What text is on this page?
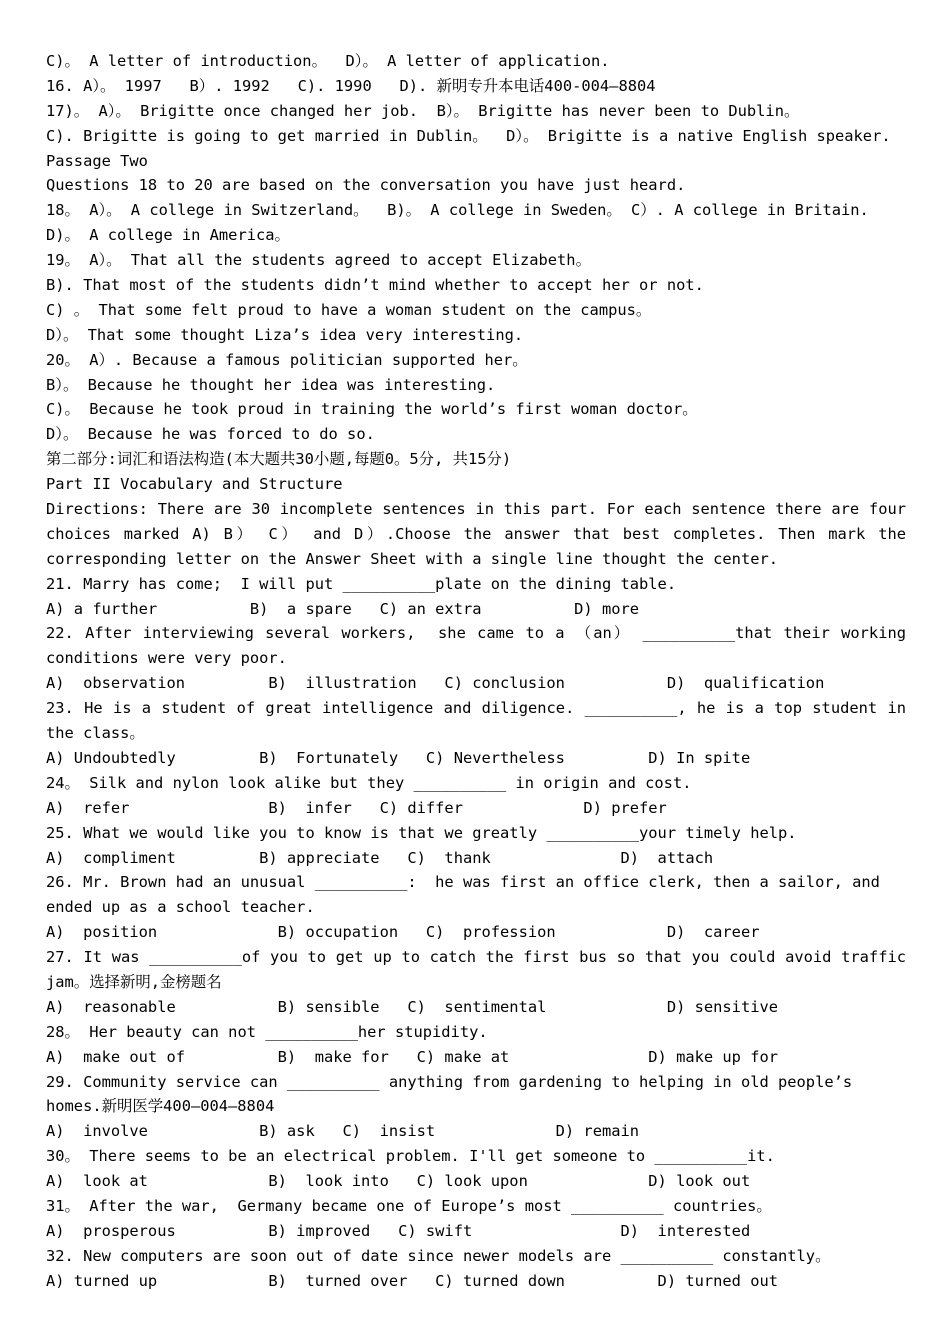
C)。 A letter of introduction。  D）。 A letter of application.
16. A）。 1997   B）. 1992   C). 1990   D). 新明专升本电话400-004—8804
17)。 A）。 Brigitte once changed her job.  B）。 Brigitte has never been to Dublin。
C). Brigitte is going to get married in Dublin。  D）。 Brigitte is a native English speaker.
Passage Two
Questions 18 to 20 are based on the conversation you have just heard.
18。 A）。 A college in Switzerland。  B)。 A college in Sweden。 C）. A college in Britain.
D)。 A college in America。
19。 A）。 That all the students agreed to accept Elizabeth。
B). That most of the students didn’t mind whether to accept her or not.
C) 。 That some felt proud to have a woman student on the campus。
D）。 That some thought Liza’s idea very interesting.
20。 A）. Because a famous politician supported her。
B）。 Because he thought her idea was interesting.
C)。 Because he took proud in training the world’s first woman doctor。
D）。 Because he was forced to do so.
第二部分:词汇和语法构造(本大题共30小题,每题0。5分, 共15分)
Part II Vocabulary and Structure
Directions: There are 30 incomplete sentences in this part. For each sentence there are four
choices marked A) B） C） and D）.Choose the answer that best completes. Then mark the
corresponding letter on the Answer Sheet with a single line thought the center.
21. Marry has come;  I will put __________plate on the dining table.
A) a further          B)  a spare   C) an extra          D) more
22. After interviewing several workers,  she came to a （an） __________that their working
conditions were very poor.
A)  observation         B)  illustration   C) conclusion           D)  qualification
23. He is a student of great intelligence and diligence. __________, he is a top student in
the class。
A) Undoubtedly         B)  Fortunately   C) Nevertheless         D) In spite
24。 Silk and nylon look alike but they __________ in origin and cost.
A)  refer               B)  infer   C) differ             D) prefer
25. What we would like you to know is that we greatly __________your timely help.
A)  compliment         B) appreciate   C)  thank              D)  attach
26. Mr. Brown had an unusual __________:  he was first an office clerk, then a sailor, and
ended up as a school teacher.
A)  position             B) occupation   C)  profession            D)  career
27. It was __________of you to get up to catch the first bus so that you could avoid traffic
jam。选择新明,金榜题名
A)  reasonable           B) sensible   C)  sentimental             D) sensitive
28。 Her beauty can not __________her stupidity.
A)  make out of          B)  make for   C) make at               D) make up for
29. Community service can __________ anything from gardening to helping in old people’s
homes.新明医学400—004—8804
A)  involve            B) ask   C)  insist             D) remain
30。 There seems to be an electrical problem. I'll get someone to __________it.
A)  look at             B)  look into   C) look upon             D) look out
31。 After the war,  Germany became one of Europe’s most __________ countries。
A)  prosperous          B) improved   C) swift                D)  interested
32. New computers are soon out of date since newer models are __________ constantly。
A) turned up            B)  turned over   C) turned down          D) turned out
